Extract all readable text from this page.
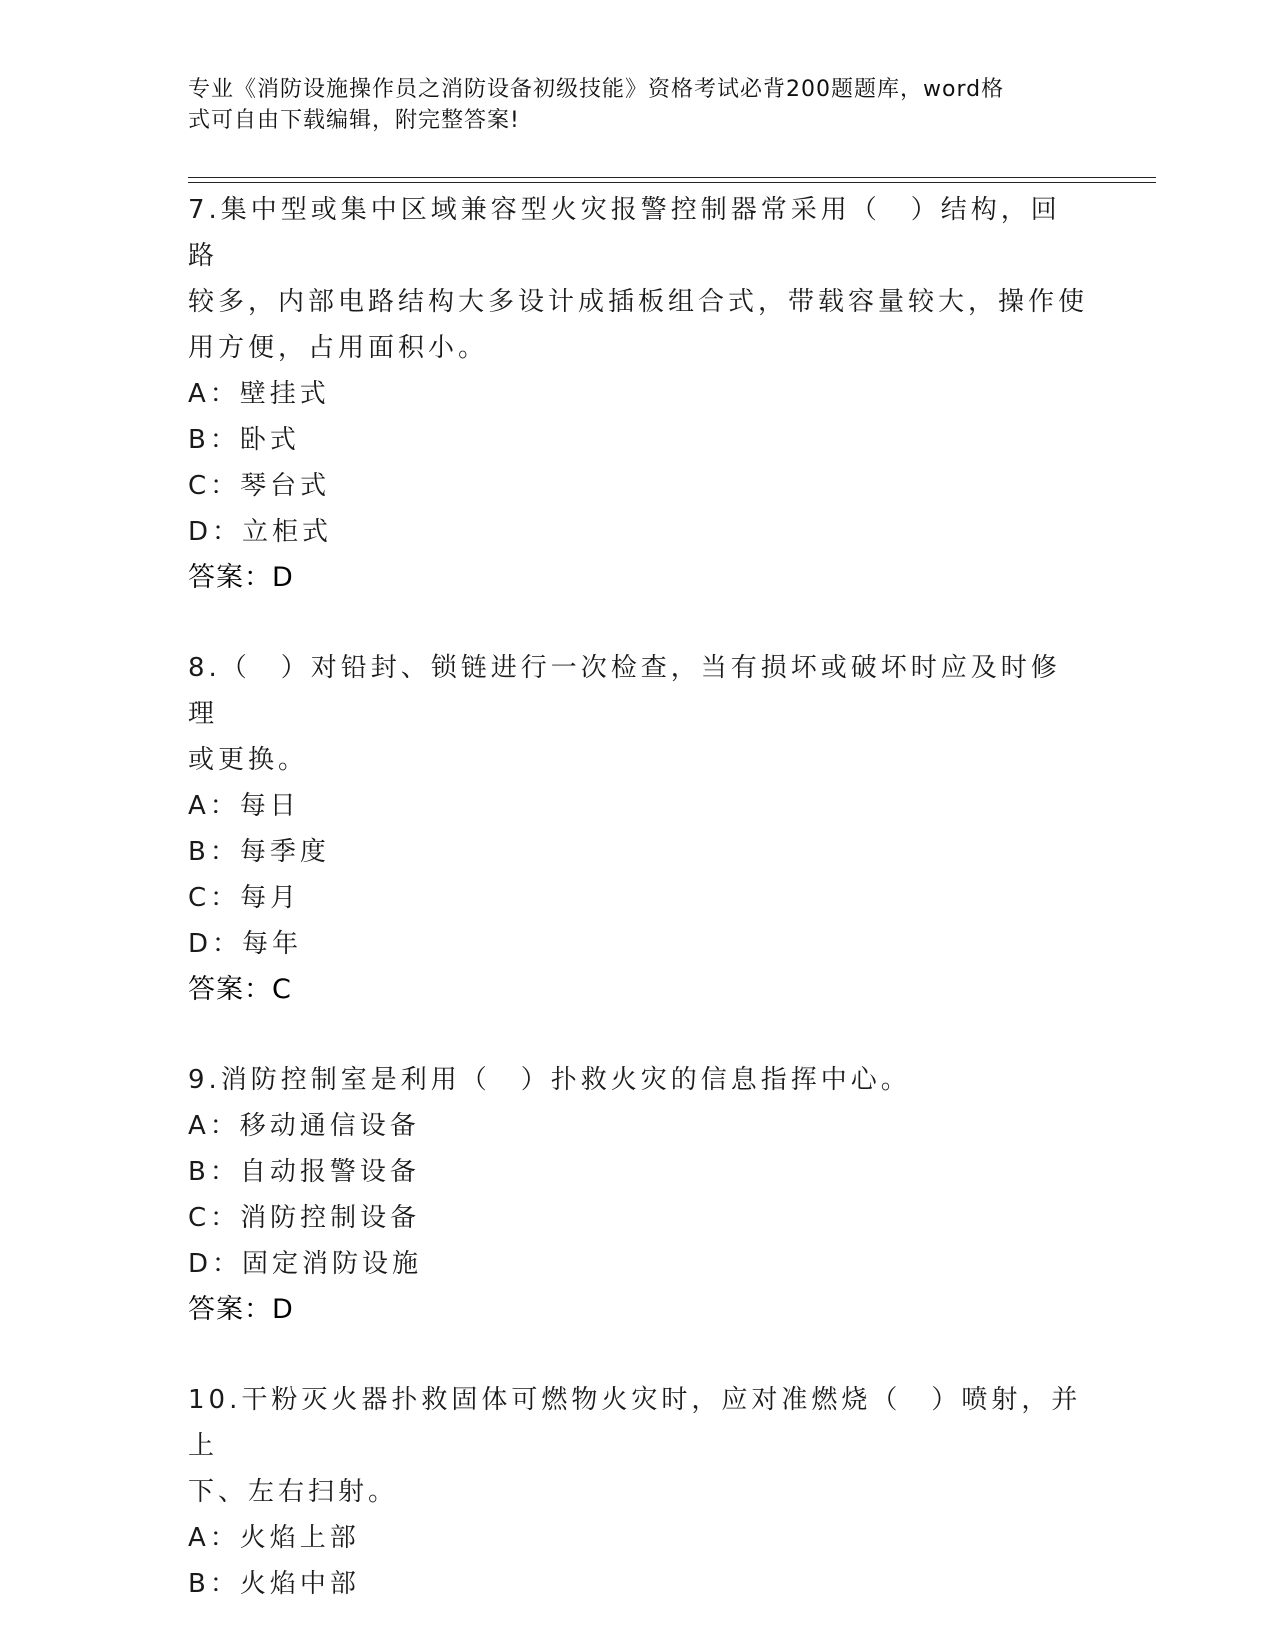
专业《消防设施操作员之消防设备初级技能》资格考试必背200题题库，word格
式可自由下载编辑，附完整答案!
7.集中型或集中区域兼容型火灾报警控制器常采用（　）结构，回路
较多，内部电路结构大多设计成插板组合式，带载容量较大，操作使
用方便，占用面积小。
A：壁挂式
B：卧式
C：琴台式
D：立柜式
答案：D
8.（　）对铅封、锁链进行一次检查，当有损坏或破坏时应及时修理
或更换。
A：每日
B：每季度
C：每月
D：每年
答案：C
9.消防控制室是利用（　）扑救火灾的信息指挥中心。
A：移动通信设备
B：自动报警设备
C：消防控制设备
D：固定消防设施
答案：D
10.干粉灭火器扑救固体可燃物火灾时，应对准燃烧（　）喷射，并上
下、左右扫射。
A：火焰上部
B：火焰中部
